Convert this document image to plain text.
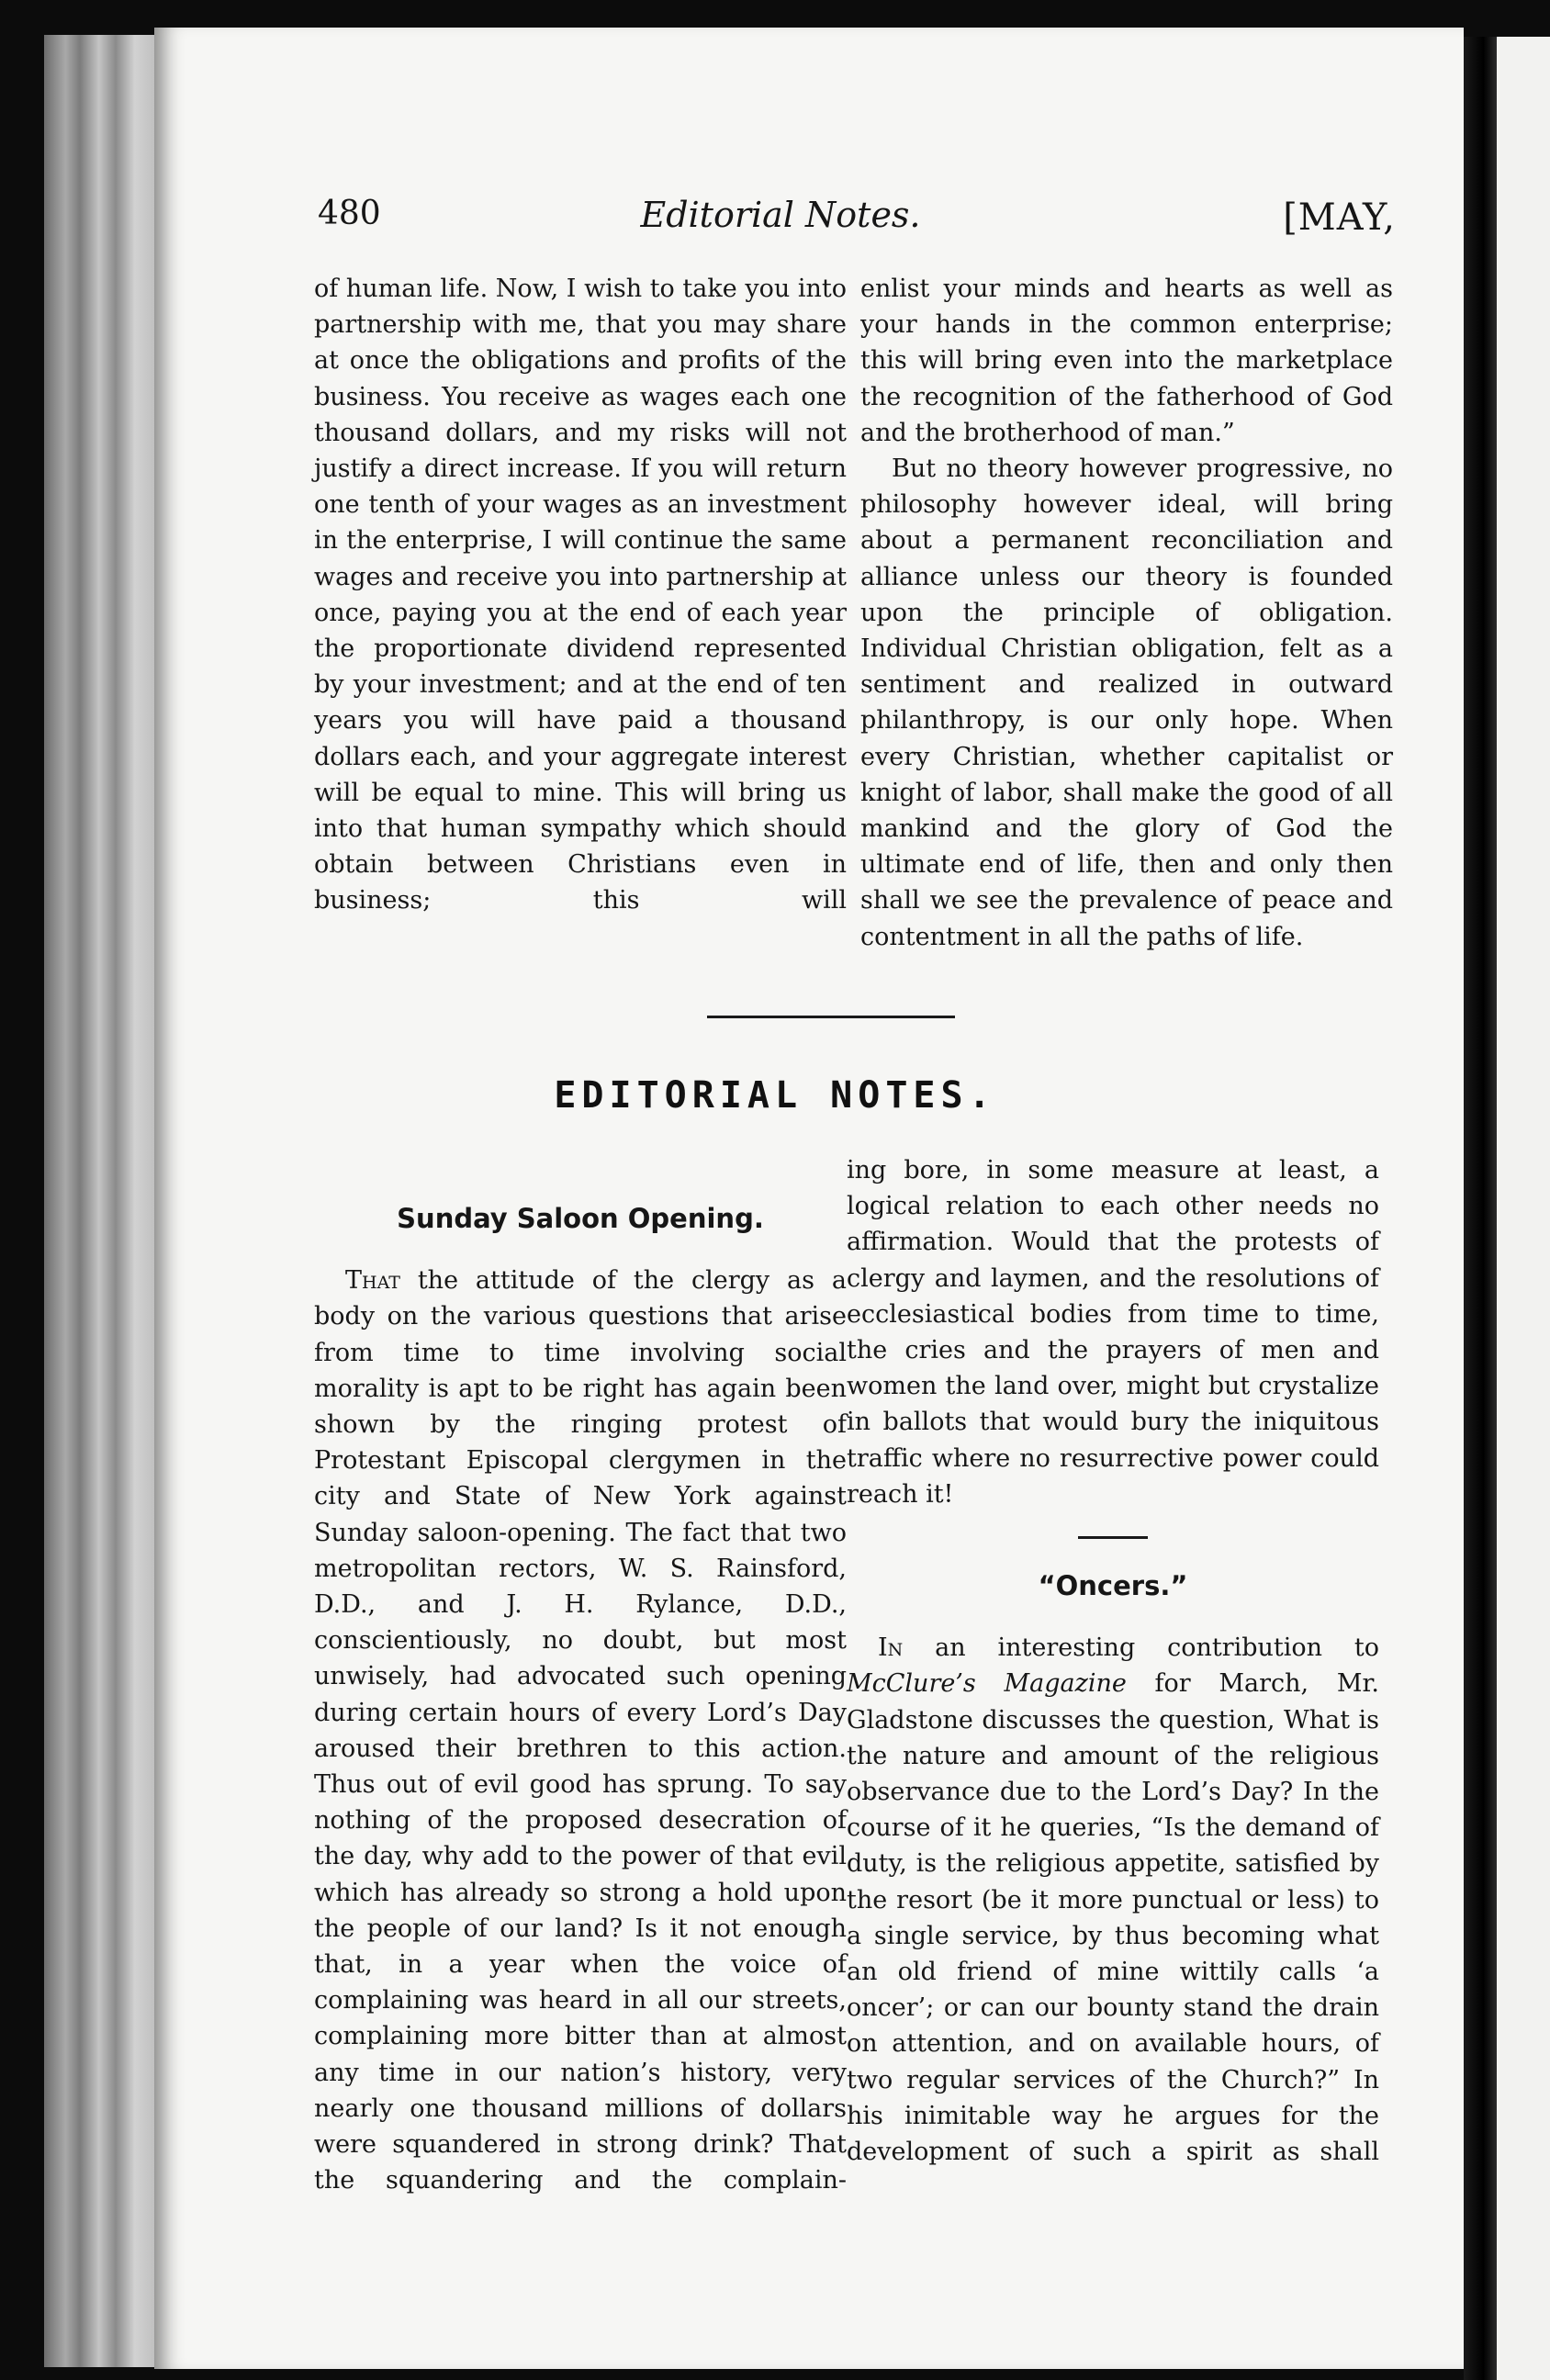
480	Editorial Notes.	[MAY,

of human life. Now, I wish to take you into partnership with me, that you may share at once the obligations and profits of the business. You receive as wages each one thousand dollars, and my risks will not justify a direct increase. If you will return one tenth of your wages as an investment in the enterprise, I will continue the same wages and receive you into partnership at once, paying you at the end of each year the proportionate dividend represented by your investment; and at the end of ten years you will have paid a thousand dollars each, and your aggregate interest will be equal to mine. This will bring us into that human sympathy which should obtain between Christians even in business; this will

enlist your minds and hearts as well as your hands in the common enterprise; this will bring even into the marketplace the recognition of the fatherhood of God and the brotherhood of man.”

But no theory however progressive, no philosophy however ideal, will bring about a permanent reconciliation and alliance unless our theory is founded upon the principle of obligation. Individual Christian obligation, felt as a sentiment and realized in outward philanthropy, is our only hope. When every Christian, whether capitalist or knight of labor, shall make the good of all mankind and the glory of God the ultimate end of life, then and only then shall we see the prevalence of peace and contentment in all the paths of life.

EDITORIAL NOTES.
Sunday Saloon Opening.

That the attitude of the clergy as a body on the various questions that arise from time to time involving social morality is apt to be right has again been shown by the ringing protest of Protestant Episcopal clergymen in the city and State of New York against Sunday saloon-opening. The fact that two metropolitan rectors, W. S. Rainsford, D.D., and J. H. Rylance, D.D., conscientiously, no doubt, but most unwisely, had advocated such opening during certain hours of every Lord’s Day aroused their brethren to this action. Thus out of evil good has sprung. To say nothing of the proposed desecration of the day, why add to the power of that evil which has already so strong a hold upon the people of our land? Is it not enough that, in a year when the voice of complaining was heard in all our streets, complaining more bitter than at almost any time in our nation’s history, very nearly one thousand millions of dollars were squandered in strong drink? That the squandering and the complain-

ing bore, in some measure at least, a logical relation to each other needs no affirmation. Would that the protests of clergy and laymen, and the resolutions of ecclesiastical bodies from time to time, the cries and the prayers of men and women the land over, might but crystalize in ballots that would bury the iniquitous traffic where no resurrective power could reach it!

“Oncers.”

In an interesting contribution to McClure’s Magazine for March, Mr. Gladstone discusses the question, What is the nature and amount of the religious observance due to the Lord’s Day? In the course of it he queries, “Is the demand of duty, is the religious appetite, satisfied by the resort (be it more punctual or less) to a single service, by thus becoming what an old friend of mine wittily calls ‘a oncer’; or can our bounty stand the drain on attention, and on available hours, of two regular services of the Church?” In his inimitable way he argues for the development of such a spirit as shall
